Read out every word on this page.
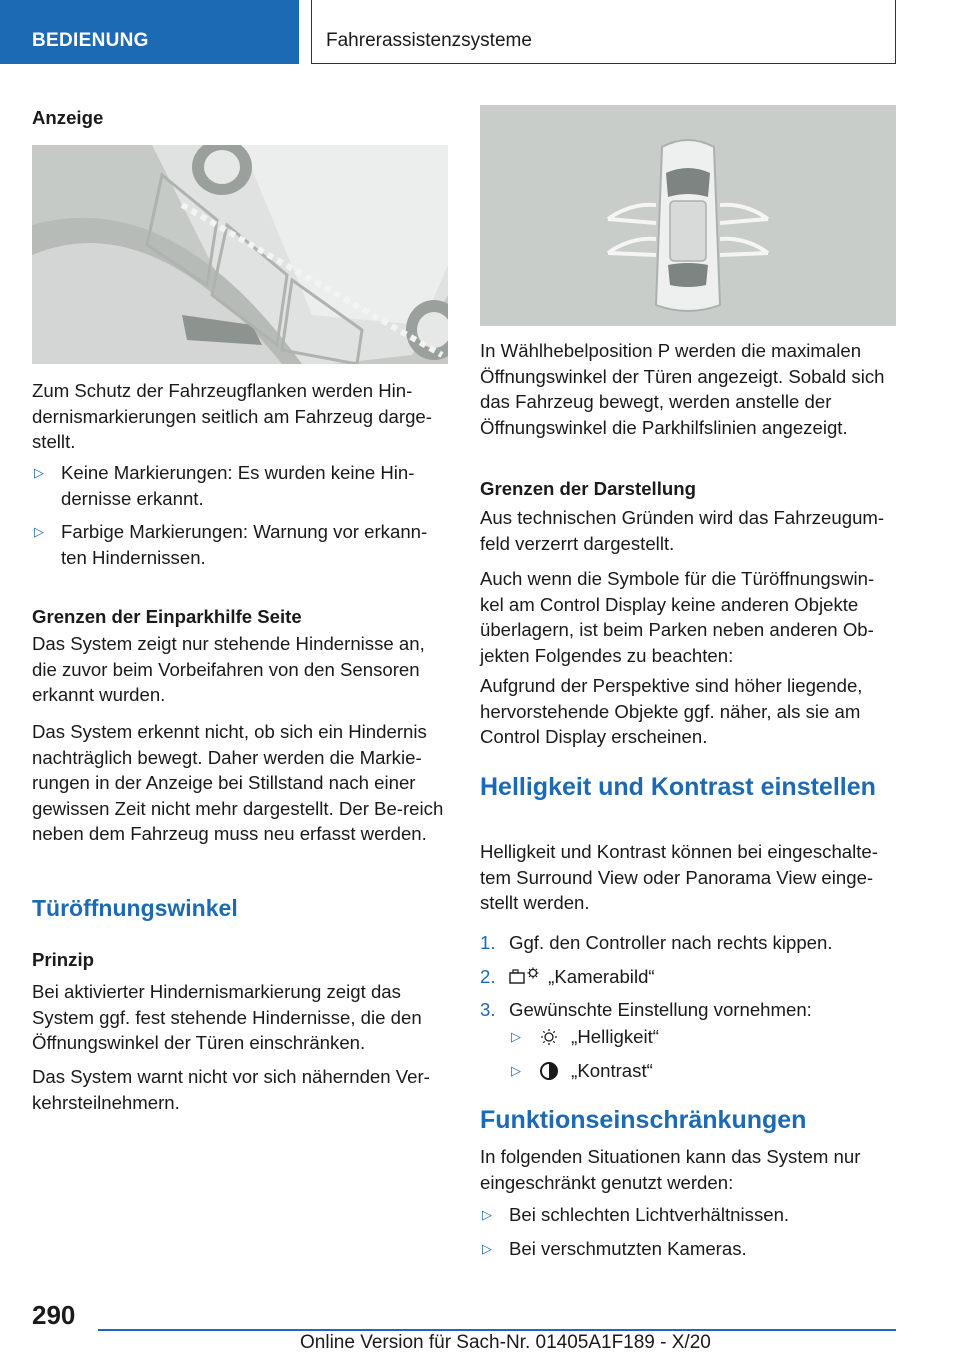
BEDIENUNG	Fahrerassistenzsysteme
Anzeige

Zum Schutz der Fahrzeugflanken werden Hin-dernismarkierungen seitlich am Fahrzeug darge-stellt.

▷ Keine Markierungen: Es wurden keine Hin-dernisse erkannt.
▷ Farbige Markierungen: Warnung vor erkann-ten Hindernissen.
Grenzen der Einparkhilfe Seite

Das System zeigt nur stehende Hindernisse an, die zuvor beim Vorbeifahren von den Sensoren erkannt wurden.

Das System erkennt nicht, ob sich ein Hindernis nachträglich bewegt. Daher werden die Markie-rungen in der Anzeige bei Stillstand nach einer gewissen Zeit nicht mehr dargestellt. Der Be-reich neben dem Fahrzeug muss neu erfasst werden.

Türöffnungswinkel
Prinzip

Bei aktivierter Hindernismarkierung zeigt das System ggf. fest stehende Hindernisse, die den Öffnungswinkel der Türen einschränken.

Das System warnt nicht vor sich nähernden Ver-kehrsteilnehmern.

In Wählhebelposition P werden die maximalen Öffnungswinkel der Türen angezeigt. Sobald sich das Fahrzeug bewegt, werden anstelle der Öffnungswinkel die Parkhilfslinien angezeigt.

Grenzen der Darstellung

Aus technischen Gründen wird das Fahrzeugum-feld verzerrt dargestellt.

Auch wenn die Symbole für die Türöffnungswin-kel am Control Display keine anderen Objekte überlagern, ist beim Parken neben anderen Ob-jekten Folgendes zu beachten:

Aufgrund der Perspektive sind höher liegende, hervorstehende Objekte ggf. näher, als sie am Control Display erscheinen.

Helligkeit und Kontrast einstellen

Helligkeit und Kontrast können bei eingeschalte-tem Surround View oder Panorama View einge-stellt werden.

1. Ggf. den Controller nach rechts kippen.
2.	„Kamerabild“
3. Gewünschte Einstellung vornehmen:
▷	„Helligkeit“
▷	„Kontrast“
Funktionseinschränkungen

In folgenden Situationen kann das System nur eingeschränkt genutzt werden:

▷ Bei schlechten Lichtverhältnissen.
▷ Bei verschmutzten Kameras.
290
Online Version für Sach-Nr. 01405A1F189 - X/20
